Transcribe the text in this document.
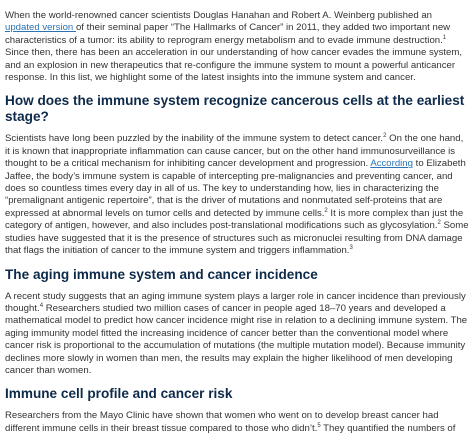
When the world-renowned cancer scientists Douglas Hanahan and Robert A. Weinberg published an updated version of their seminal paper “The Hallmarks of Cancer” in 2011, they added two important new characteristics of a tumor: its ability to reprogram energy metabolism and to evade immune destruction.$^1$ Since then, there has been an acceleration in our understanding of how cancer evades the immune system, and an explosion in new therapeutics that re-configure the immune system to mount a powerful anticancer response. In this list, we highlight some of the latest insights into the immune system and cancer.

How does the immune system recognize cancerous cells at the earliest stage?

Scientists have long been puzzled by the inability of the immune system to detect cancer.$^2$ On the one hand, it is known that inappropriate inflammation can cause cancer, but on the other hand immunosurveillance is thought to be a critical mechanism for inhibiting cancer development and progression. According to Elizabeth Jaffee, the body’s immune system is capable of intercepting pre-malignancies and preventing cancer, and does so countless times every day in all of us. The key to understanding how, lies in characterizing the “premalignant antigenic repertoire”, that is the driver of mutations and nonmutated self-proteins that are expressed at abnormal levels on tumor cells and detected by immune cells.$^2$ It is more complex than just the category of antigen, however, and also includes post-translational modifications such as glycosylation.$^2$ Some studies have suggested that it is the presence of structures such as micronuclei resulting from DNA damage that flags the initiation of cancer to the immune system and triggers inflammation.$^3$

The aging immune system and cancer incidence

A recent study suggests that an aging immune system plays a larger role in cancer incidence than previously thought.$^4$ Researchers studied two million cases of cancer in people aged 18–70 years and developed a mathematical model to predict how cancer incidence might rise in relation to a declining immune system. The aging immunity model fitted the increasing incidence of cancer better than the conventional model where cancer risk is proportional to the accumulation of mutations (the multiple mutation model). Because immunity declines more slowly in women than men, the results may explain the higher likelihood of men developing cancer than women.

Immune cell profile and cancer risk

Researchers from the Mayo Clinic have shown that women who went on to develop breast cancer had different immune cells in their breast tissue compared to those who didn’t.$^5$ They quantified the numbers of
